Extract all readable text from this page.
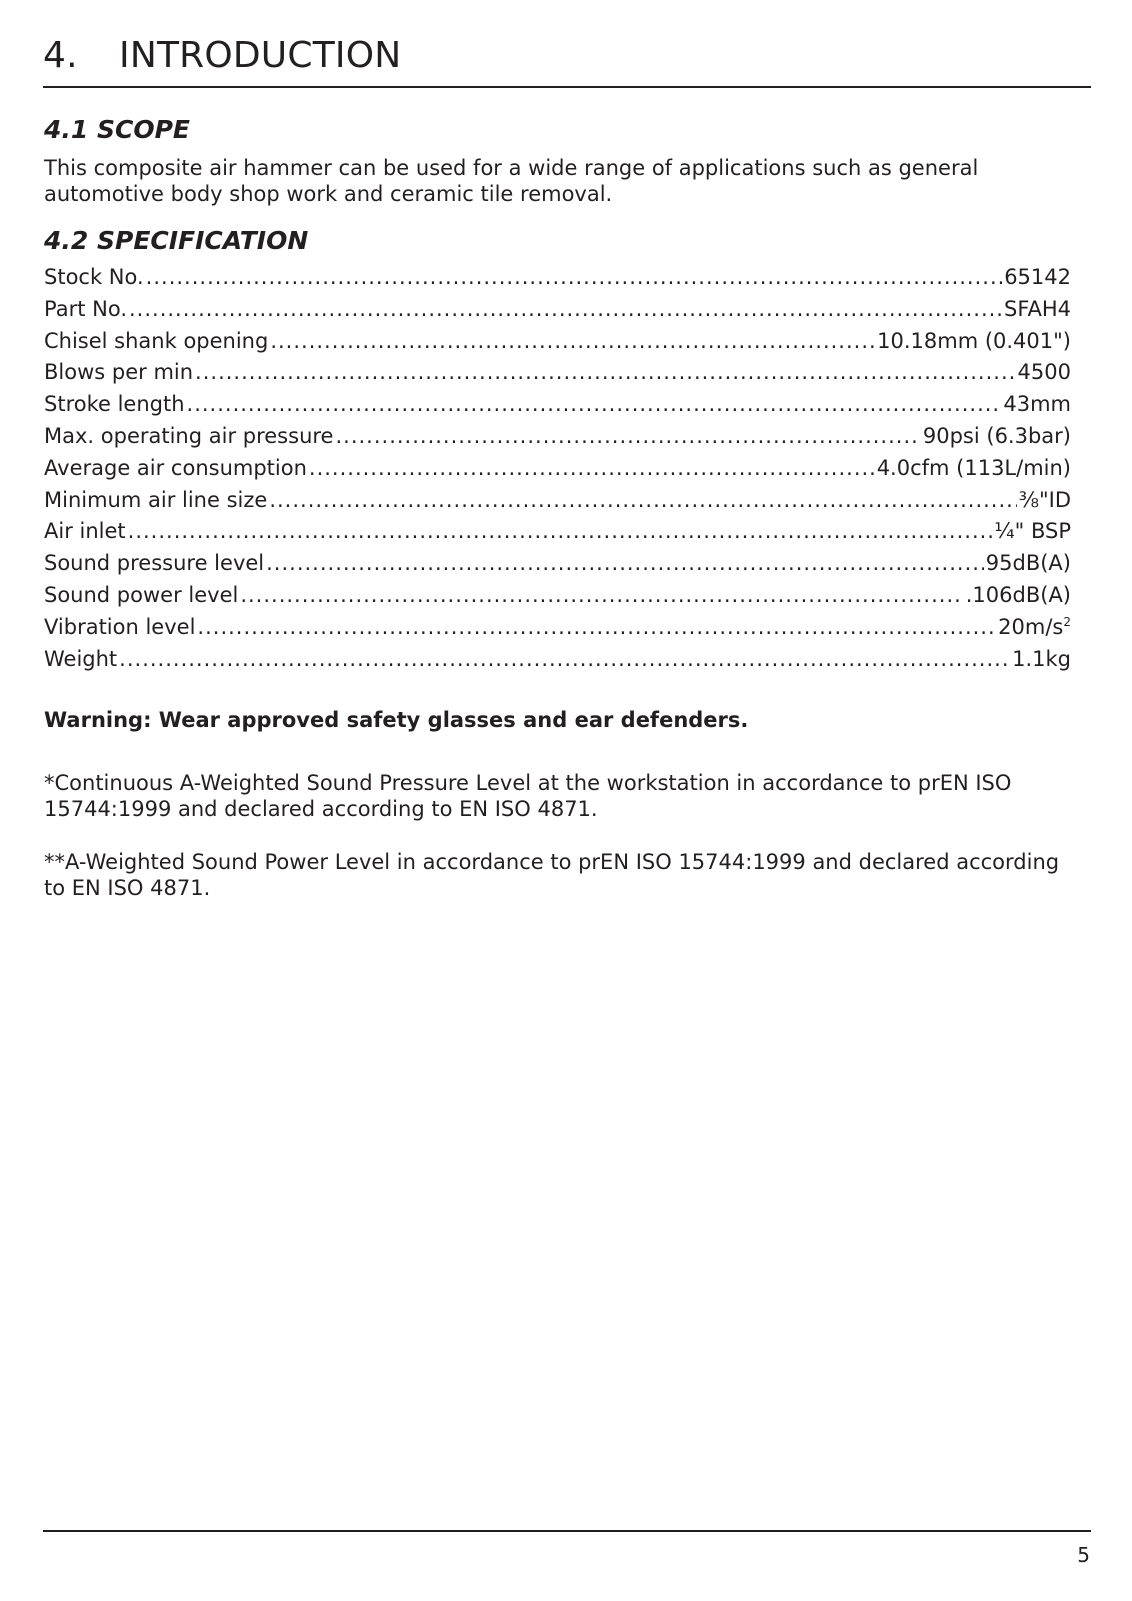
4. INTRODUCTION
4.1 SCOPE

This composite air hammer can be used for a wide range of applications such as general automotive body shop work and ceramic tile removal.

4.2 SPECIFICATION
Stock No. .....	65142
Part No. .....	SFAH4
Chisel shank opening .....	10.18mm (0.401")
Blows per min .....	4500
Stroke length .....	43mm
Max. operating air pressure .....	90psi (6.3bar)
Average air consumption .....	4.0cfm (113L/min)
Minimum air line size .....	⅜"ID
Air inlet .....	¼" BSP
Sound pressure level .....	95dB(A)
Sound power level .....	.106dB(A)
Vibration level .....	$20m/s^2$
Weight .....	1.1kg

Warning: Wear approved safety glasses and ear defenders.

*Continuous A-Weighted Sound Pressure Level at the workstation in accordance to prEN ISO 15744:1999 and declared according to EN ISO 4871.

**A-Weighted Sound Power Level in accordance to prEN ISO 15744:1999 and declared according to EN ISO 4871.

5
